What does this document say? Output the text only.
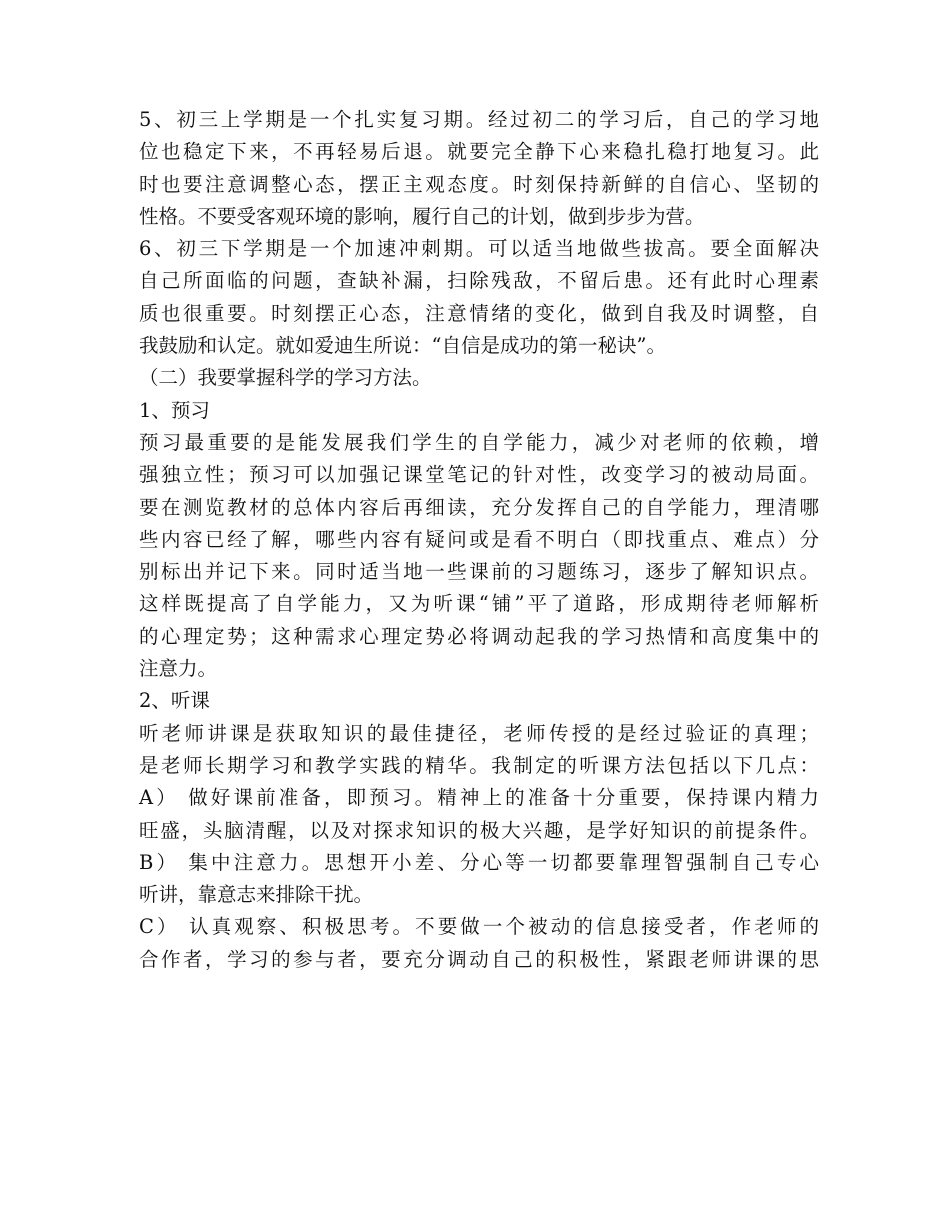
5、初三上学期是一个扎实复习期。经过初二的学习后，自己的学习地
位也稳定下来，不再轻易后退。就要完全静下心来稳扎稳打地复习。此
时也要注意调整心态，摆正主观态度。时刻保持新鲜的自信心、坚韧的
性格。不要受客观环境的影响，履行自己的计划，做到步步为营。
6、初三下学期是一个加速冲刺期。可以适当地做些拔高。要全面解决
自己所面临的问题，查缺补漏，扫除残敌，不留后患。还有此时心理素
质也很重要。时刻摆正心态，注意情绪的变化，做到自我及时调整，自
我鼓励和认定。就如爱迪生所说：“自信是成功的第一秘诀”。
（二）我要掌握科学的学习方法。
1、预习
预习最重要的是能发展我们学生的自学能力，减少对老师的依赖，增
强独立性；预习可以加强记课堂笔记的针对性，改变学习的被动局面。
要在测览教材的总体内容后再细读，充分发挥自己的自学能力，理清哪
些内容已经了解，哪些内容有疑问或是看不明白（即找重点、难点）分
别标出并记下来。同时适当地一些课前的习题练习，逐步了解知识点。
这样既提高了自学能力，又为听课“铺”平了道路，形成期待老师解析
的心理定势；这种需求心理定势必将调动起我的学习热情和高度集中的
注意力。
2、听课
听老师讲课是获取知识的最佳捷径，老师传授的是经过验证的真理；
是老师长期学习和教学实践的精华。我制定的听课方法包括以下几点：
A） 做好课前准备，即预习。精神上的准备十分重要，保持课内精力
旺盛，头脑清醒，以及对探求知识的极大兴趣，是学好知识的前提条件。
B） 集中注意力。思想开小差、分心等一切都要靠理智强制自己专心
听讲，靠意志来排除干扰。
C） 认真观察、积极思考。不要做一个被动的信息接受者，作老师的
合作者，学习的参与者，要充分调动自己的积极性，紧跟老师讲课的思
